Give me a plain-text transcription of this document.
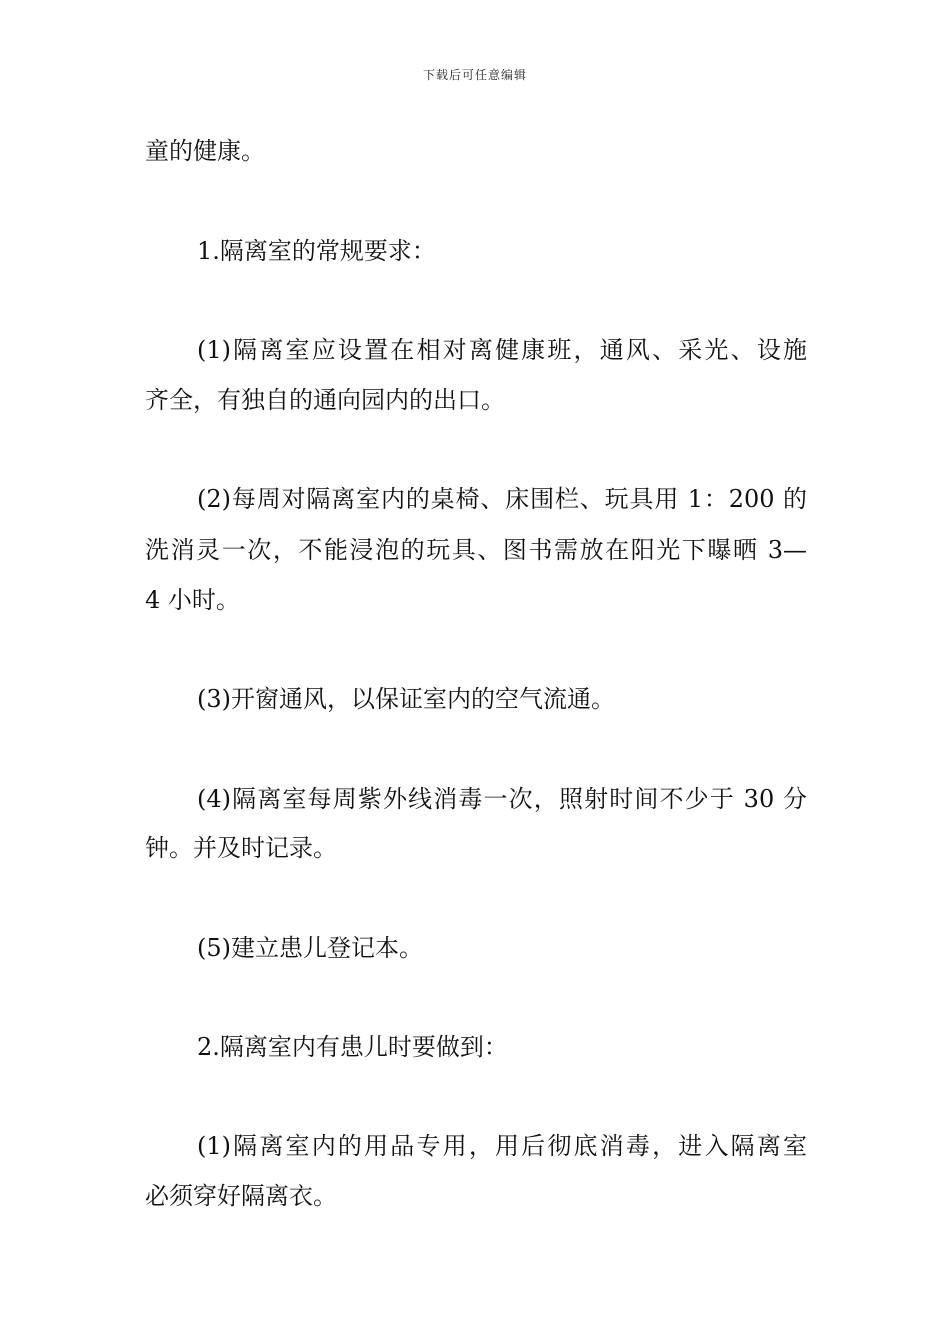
下载后可任意编辑
童的健康。
1.隔离室的常规要求：
(1)隔离室应设置在相对离健康班，通风、采光、设施
齐全，有独自的通向园内的出口。
(2)每周对隔离室内的桌椅、床围栏、玩具用 1：200 的
洗消灵一次，不能浸泡的玩具、图书需放在阳光下曝晒 3—
4 小时。
(3)开窗通风，以保证室内的空气流通。
(4)隔离室每周紫外线消毒一次，照射时间不少于 30 分
钟。并及时记录。
(5)建立患儿登记本。
2.隔离室内有患儿时要做到：
(1)隔离室内的用品专用，用后彻底消毒，进入隔离室
必须穿好隔离衣。
